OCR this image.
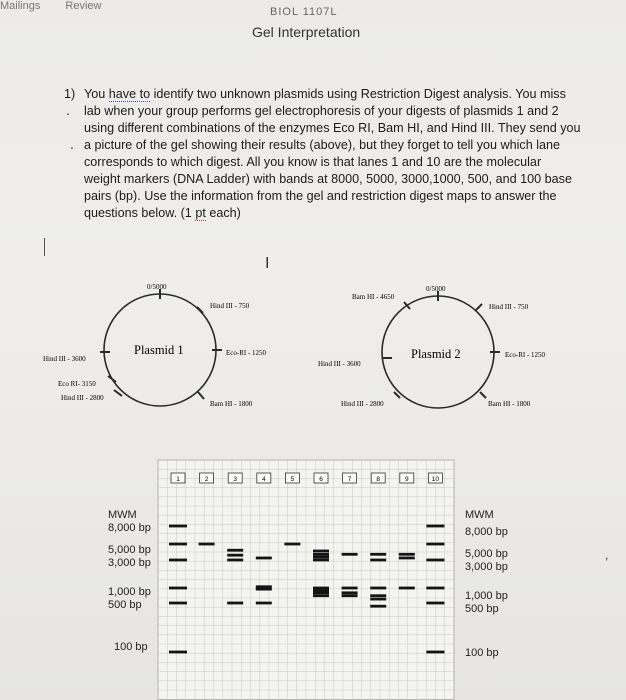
Mailings Review	BIOL 1107L
Gel Interpretation
1) You have to identify two unknown plasmids using Restriction Digest analysis. You miss
. lab when your group performs gel electrophoresis of your digests of plasmids 1 and 2
using different combinations of the enzymes Eco RI, Bam HI, and Hind III. They send you
. a picture of the gel showing their results (above), but they forget to tell you which lane
corresponds to which digest. All you know is that lanes 1 and 10 are the molecular
weight markers (DNA Ladder) with bands at 8000, 5000, 3000,1000, 500, and 100 base
pairs (bp). Use the information from the gel and restriction digest maps to answer the
questions below. (1 pt each)
I
Plasmid 1
0/5000
Hind III - 750
Eco-RI - 1250
Bam HI - 1800
Hind III - 3600
Eco RI- 3150
Hind III - 2800
Plasmid 2
0/5000
Bam HI - 4650
Hind III - 750
Eco-RI - 1250
Bam HI - 1800
Hind III - 3600
Hind III - 2800
1	2	3	4	5	6	7	8	9	10
MWM
8,000 bp
5,000 bp
3,000 bp
1,000 bp
500 bp
100 bp
MWM
8,000 bp
5,000 bp
3,000 bp
1,000 bp
500 bp
100 bp
,
